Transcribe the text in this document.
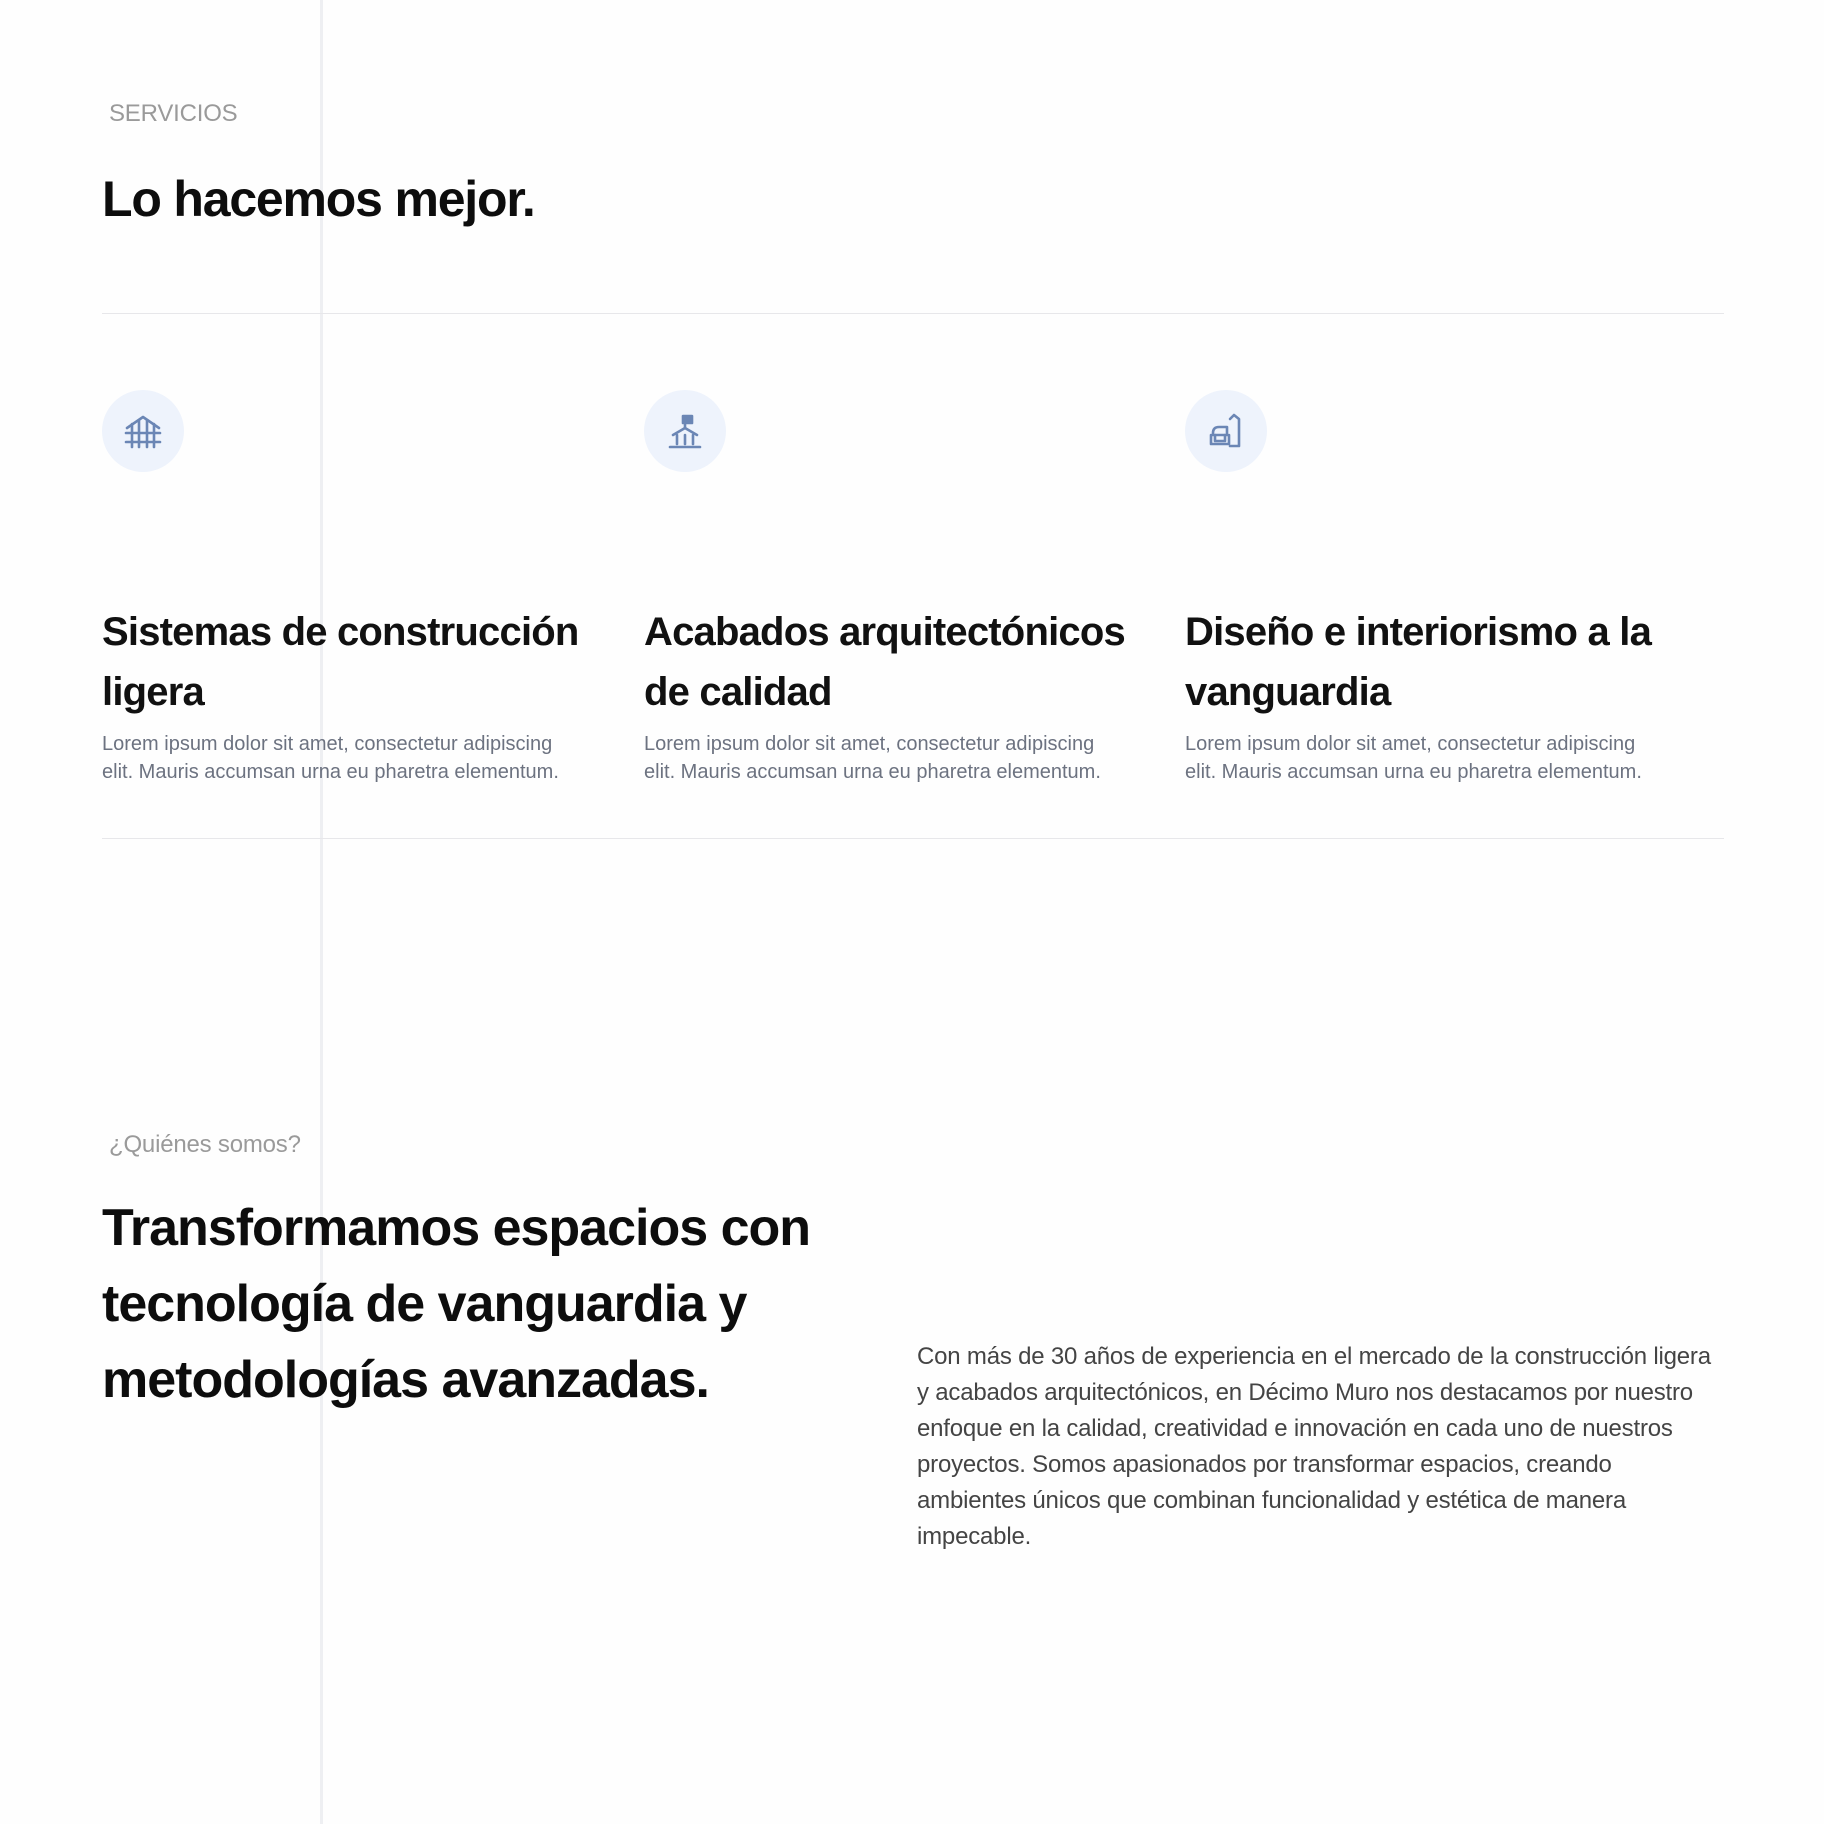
SERVICIOS
Lo hacemos mejor.
Sistemas de construcción ligera

Lorem ipsum dolor sit amet, consectetur adipiscing elit. Mauris accumsan urna eu pharetra elementum.

Acabados arquitectónicos de calidad

Lorem ipsum dolor sit amet, consectetur adipiscing elit. Mauris accumsan urna eu pharetra elementum.

Diseño e interiorismo a la vanguardia

Lorem ipsum dolor sit amet, consectetur adipiscing elit. Mauris accumsan urna eu pharetra elementum.

¿Quiénes somos?
Transformamos espacios con tecnología de vanguardia y metodologías avanzadas.	Con más de 30 años de experiencia en el mercado de la construcción ligera y acabados arquitectónicos, en Décimo Muro nos destacamos por nuestro enfoque en la calidad, creatividad e innovación en cada uno de nuestros proyectos. Somos apasionados por transformar espacios, creando ambientes únicos que combinan funcionalidad y estética de manera impecable.
